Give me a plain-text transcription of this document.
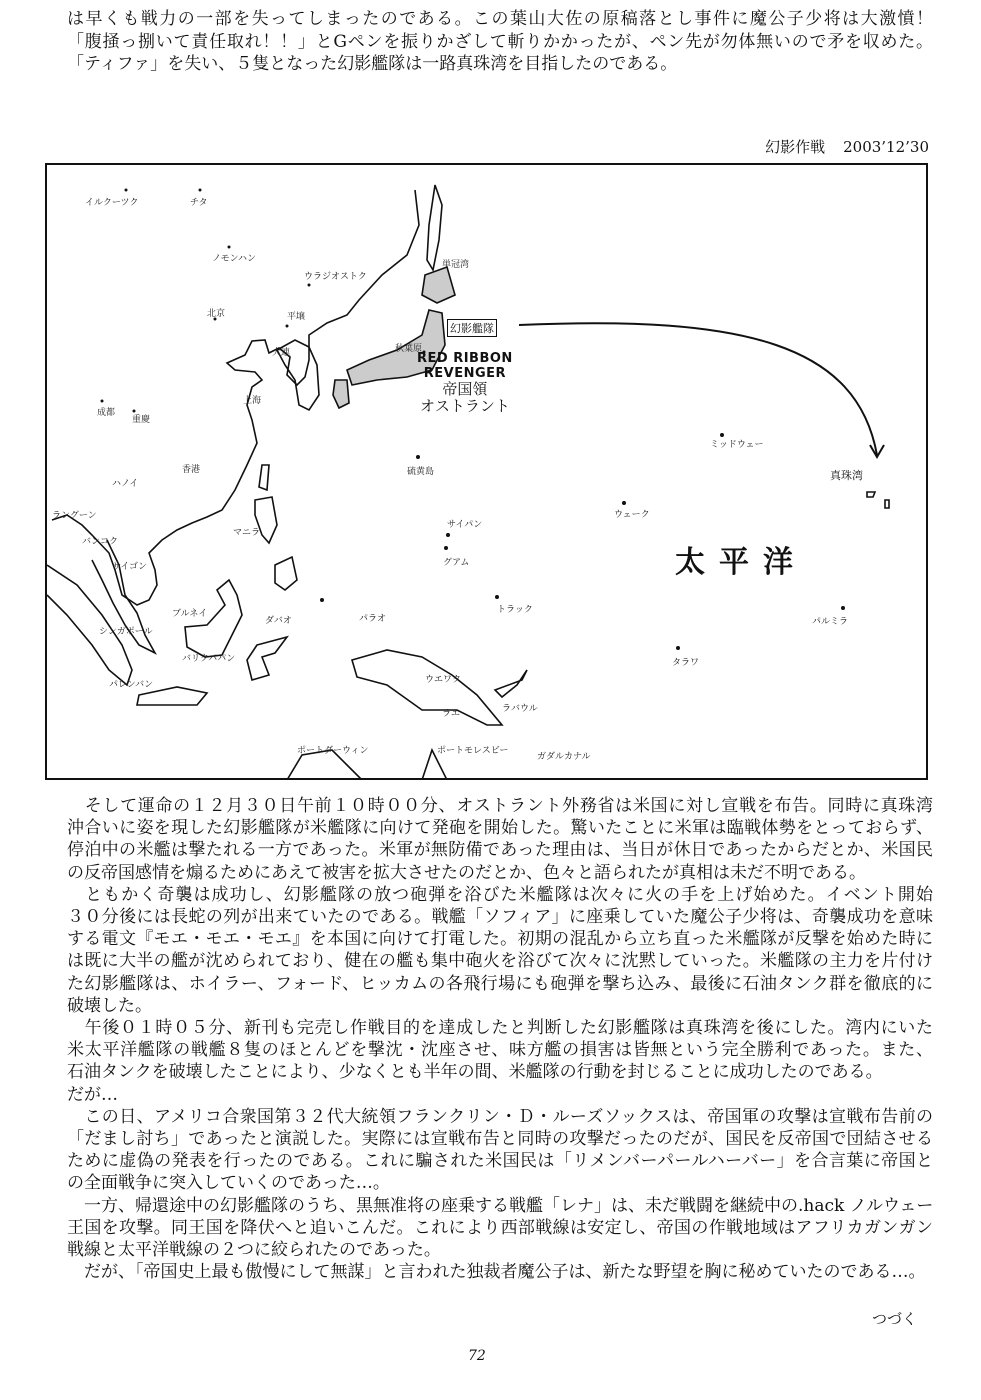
は早くも戦力の一部を失ってしまったのである。この葉山大佐の原稿落とし事件に魔公子少将は大激憤！
「腹掻っ捌いて責任取れ！！」とGペンを振りかざして斬りかかったが、ペン先が勿体無いので矛を収めた。
「ティファ」を失い、５隻となった幻影艦隊は一路真珠湾を目指したのである。
幻影作戦 2003’12’30
イルクーツク	チタ
ノモンハン
ウラジオストク
単冠湾
北京	平壌
大連	秋葉原
上海
成都
重慶
硫黄島
ミッドウェー
香港
ハノイ
ラングーン
バンコク
サイゴン
ウェーク
サイパン
グアム
マニラ
ブルネイ
ダバオ	パラオ
トラック
パルミラ
シンガポール
バリクパパン	タラワ
パレンバン	ウエワク
ラエ	ラバウル
ポートダーウィン	ポートモレスビー
ガダルカナル
幻影艦隊
真珠湾
RED RIBBON
REVENGER
帝国領
オストラント
太平洋
　そして運命の１２月３０日午前１０時００分、オストラント外務省は米国に対し宣戦を布告。同時に真珠湾
沖合いに姿を現した幻影艦隊が米艦隊に向けて発砲を開始した。驚いたことに米軍は臨戦体勢をとっておらず、
停泊中の米艦は撃たれる一方であった。米軍が無防備であった理由は、当日が休日であったからだとか、米国民
の反帝国感情を煽るためにあえて被害を拡大させたのだとか、色々と語られたが真相は未だ不明である。
　ともかく奇襲は成功し、幻影艦隊の放つ砲弾を浴びた米艦隊は次々に火の手を上げ始めた。イベント開始
３０分後には長蛇の列が出来ていたのである。戦艦「ソフィア」に座乗していた魔公子少将は、奇襲成功を意味
する電文『モエ・モエ・モエ』を本国に向けて打電した。初期の混乱から立ち直った米艦隊が反撃を始めた時に
は既に大半の艦が沈められており、健在の艦も集中砲火を浴びて次々に沈黙していった。米艦隊の主力を片付け
た幻影艦隊は、ホイラー、フォード、ヒッカムの各飛行場にも砲弾を撃ち込み、最後に石油タンク群を徹底的に
破壊した。
　午後０１時０５分、新刊も完売し作戦目的を達成したと判断した幻影艦隊は真珠湾を後にした。湾内にいた
米太平洋艦隊の戦艦８隻のほとんどを撃沈・沈座させ、味方艦の損害は皆無という完全勝利であった。また、
石油タンクを破壊したことにより、少なくとも半年の間、米艦隊の行動を封じることに成功したのである。
だが…
　この日、アメリコ合衆国第３２代大統領フランクリン・Ｄ・ルーズソックスは、帝国軍の攻撃は宣戦布告前の
「だまし討ち」であったと演説した。実際には宣戦布告と同時の攻撃だったのだが、国民を反帝国で団結させる
ために虚偽の発表を行ったのである。これに騙された米国民は「リメンバーパールハーバー」を合言葉に帝国と
の全面戦争に突入していくのであった…。
　一方、帰還途中の幻影艦隊のうち、黒無准将の座乗する戦艦「レナ」は、未だ戦闘を継続中の.hack ノルウェー
王国を攻撃。同王国を降伏へと追いこんだ。これにより西部戦線は安定し、帝国の作戦地域はアフリカガンガン
戦線と太平洋戦線の２つに絞られたのであった。
　だが、「帝国史上最も傲慢にして無謀」と言われた独裁者魔公子は、新たな野望を胸に秘めていたのである…。
つづく
72
